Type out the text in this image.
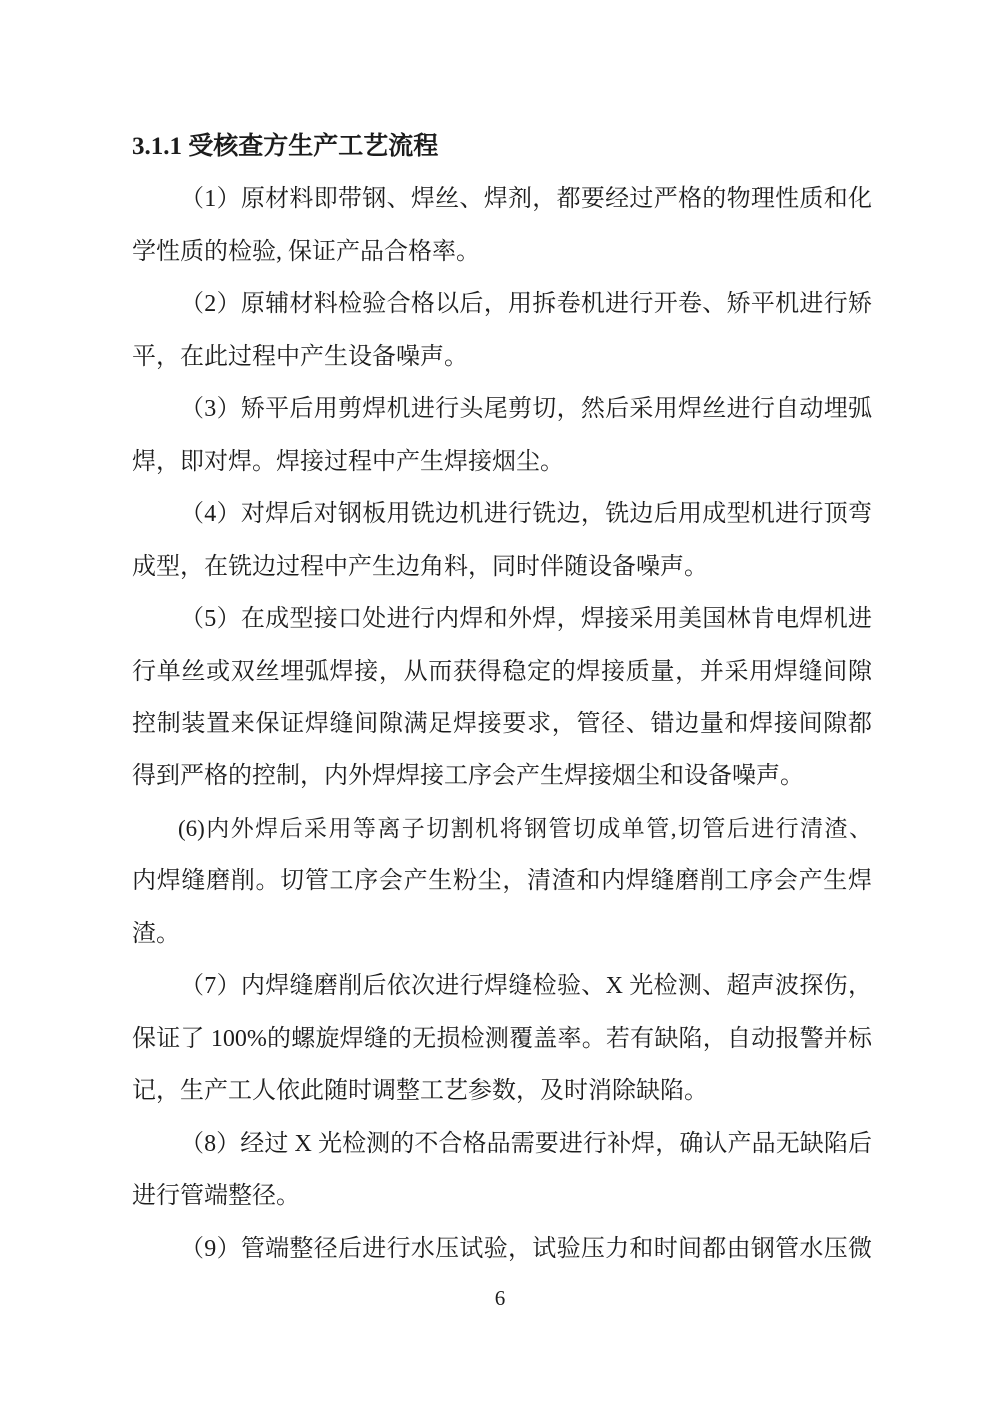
3.1.1 受核查方生产工艺流程
（1）原材料即带钢、焊丝、焊剂，都要经过严格的物理性质和化
学性质的检验, 保证产品合格率。
（2）原辅材料检验合格以后，用拆卷机进行开卷、矫平机进行矫
平，在此过程中产生设备噪声。
（3）矫平后用剪焊机进行头尾剪切，然后采用焊丝进行自动埋弧
焊，即对焊。焊接过程中产生焊接烟尘。
（4）对焊后对钢板用铣边机进行铣边，铣边后用成型机进行顶弯
成型，在铣边过程中产生边角料，同时伴随设备噪声。
（5）在成型接口处进行内焊和外焊，焊接采用美国林肯电焊机进
行单丝或双丝埋弧焊接，从而获得稳定的焊接质量，并采用焊缝间隙
控制装置来保证焊缝间隙满足焊接要求，管径、错边量和焊接间隙都
得到严格的控制，内外焊焊接工序会产生焊接烟尘和设备噪声。
(6)内外焊后采用等离子切割机将钢管切成单管,切管后进行清渣、
内焊缝磨削。切管工序会产生粉尘，清渣和内焊缝磨削工序会产生焊
渣。
（7）内焊缝磨削后依次进行焊缝检验、X 光检测、超声波探伤，
保证了 100%的螺旋焊缝的无损检测覆盖率。若有缺陷，自动报警并标
记，生产工人依此随时调整工艺参数，及时消除缺陷。
（8）经过 X 光检测的不合格品需要进行补焊，确认产品无缺陷后
进行管端整径。
（9）管端整径后进行水压试验，试验压力和时间都由钢管水压微
6
